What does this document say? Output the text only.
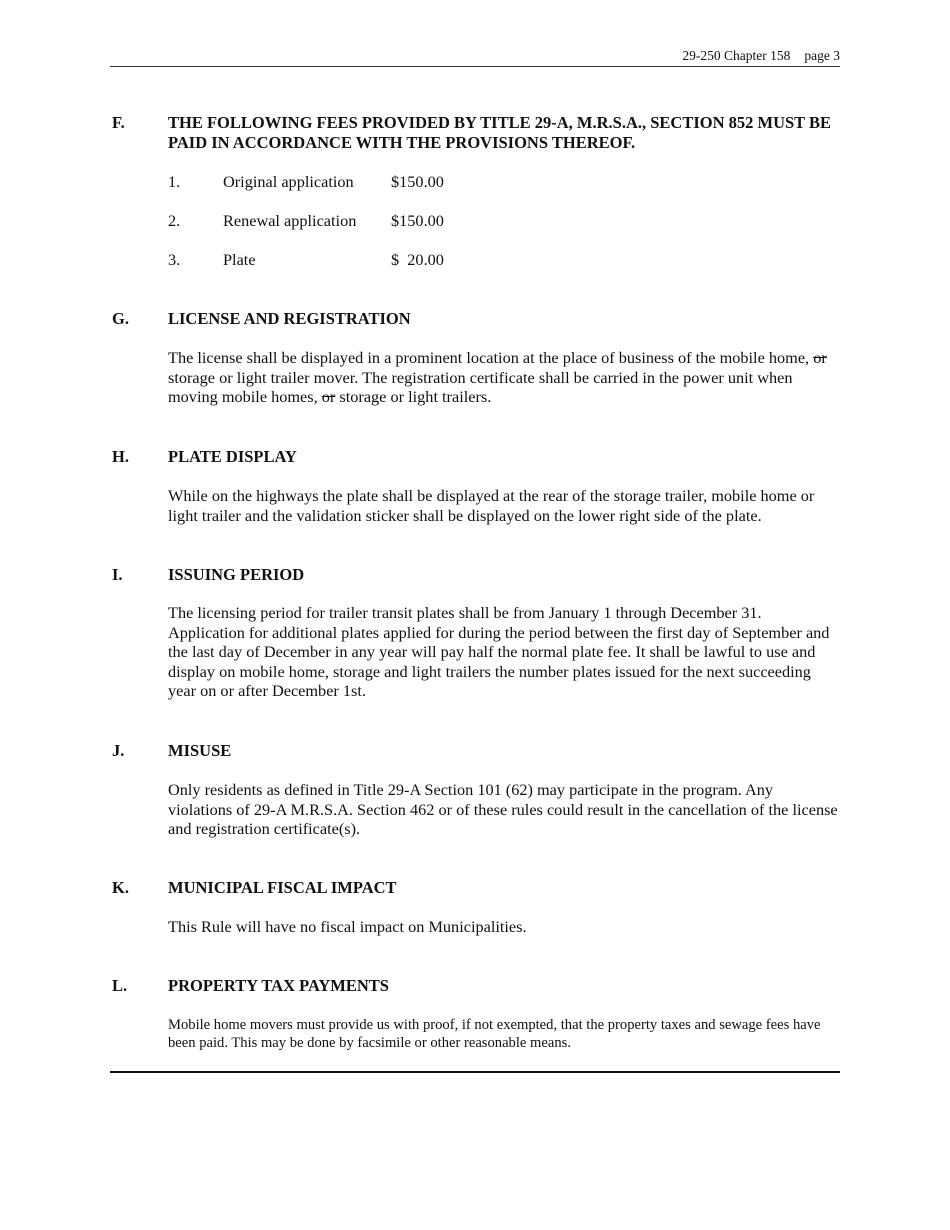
29-250 Chapter 158 page 3
F.	THE FOLLOWING FEES PROVIDED BY TITLE 29-A, M.R.S.A., SECTION 852 MUST BE PAID IN ACCORDANCE WITH THE PROVISIONS THEREOF.
1.	Original application $150.00
2.	Renewal application $150.00
3.	Plate	$  20.00
G. LICENSE AND REGISTRATION
The license shall be displayed in a prominent location at the place of business of the mobile home, or storage or light trailer mover. The registration certificate shall be carried in the power unit when moving mobile homes, or storage or light trailers.
H. PLATE DISPLAY
While on the highways the plate shall be displayed at the rear of the storage trailer, mobile home or light trailer and the validation sticker shall be displayed on the lower right side of the plate.
I.	ISSUING PERIOD
The licensing period for trailer transit plates shall be from January 1 through December 31. Application for additional plates applied for during the period between the first day of September and the last day of December in any year will pay half the normal plate fee. It shall be lawful to use and display on mobile home, storage and light trailers the number plates issued for the next succeeding year on or after December 1st.
J.	MISUSE
Only residents as defined in Title 29-A Section 101 (62) may participate in the program. Any violations of 29-A M.R.S.A. Section 462 or of these rules could result in the cancellation of the license and registration certificate(s).
K. MUNICIPAL FISCAL IMPACT
This Rule will have no fiscal impact on Municipalities.
L. PROPERTY TAX PAYMENTS
Mobile home movers must provide us with proof, if not exempted, that the property taxes and sewage fees have been paid. This may be done by facsimile or other reasonable means.
